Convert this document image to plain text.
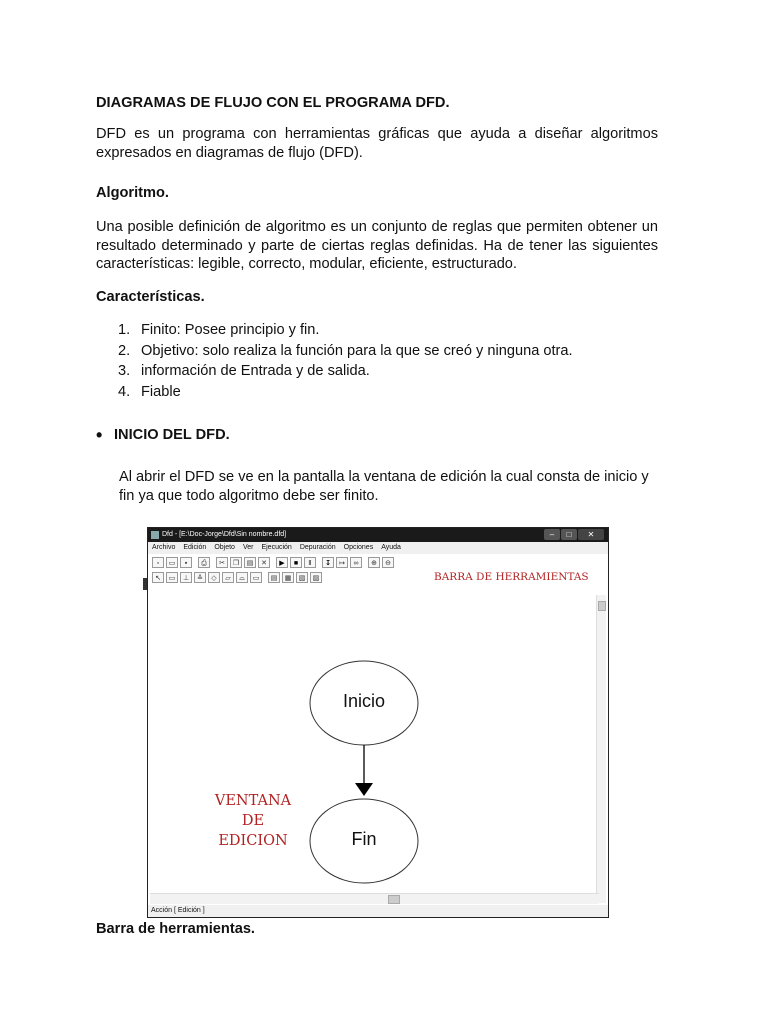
DIAGRAMAS DE FLUJO CON EL PROGRAMA DFD.
DFD es un programa con herramientas gráficas que ayuda a diseñar algoritmos expresados en diagramas de flujo (DFD).
Algoritmo.
Una posible definición de algoritmo es un conjunto de reglas que permiten obtener un resultado determinado y parte de ciertas reglas definidas. Ha de tener las siguientes características: legible, correcto, modular, eficiente, estructurado.
Características.
1. Finito: Posee principio y fin.
2. Objetivo: solo realiza la función para la que se creó y ninguna otra.
3. información de Entrada y de salida.
4. Fiable
• INICIO DEL DFD.
Al abrir el DFD se ve en la pantalla la ventana de edición la cual consta de inicio y fin ya que todo algoritmo debe ser finito.
Dfd - [E:\Doc-Jorge\Dfd\Sin nombre.dfd]	–	□	✕
Archivo Edición Objeto Ver Ejecución Depuración Opciones Ayuda
▫	▭	▪	⎙	✂	❐	▤	✕	▶	■	Ⅱ	↧	↦	∞	⊕	⊖
↖	▭	⊥	≚	◇	▱	⌓	▭	▤	▦	▧	▨	BARRA DE HERRAMIENTAS
Inicio
Fin
VENTANA
DE
EDICION
Acción [ Edición ]
Barra de herramientas.
